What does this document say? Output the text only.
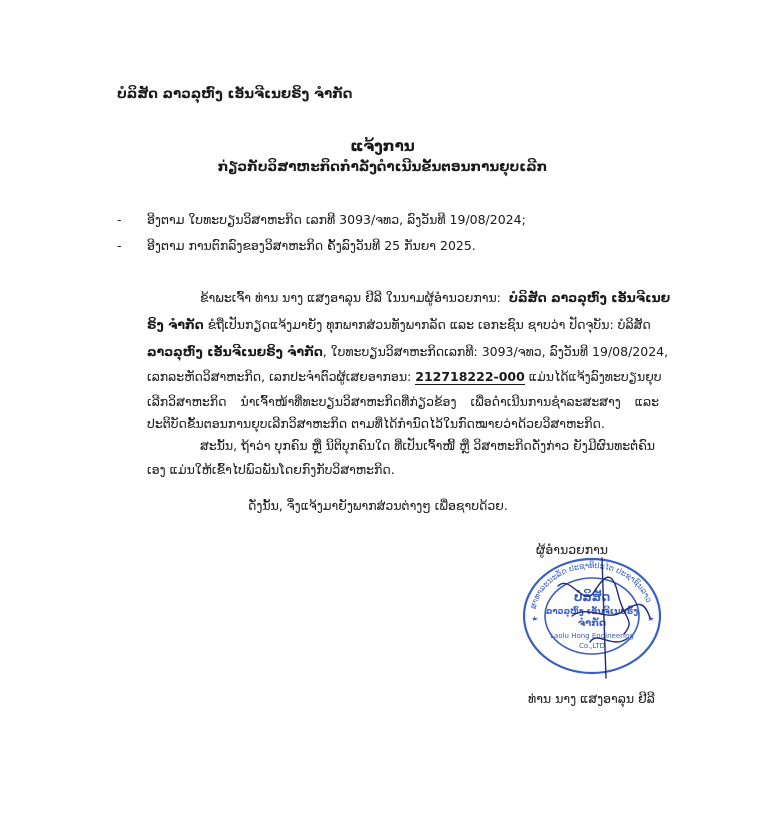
ບໍລິສັດ ລາວລຸຫົງ ເອັນຈີເນຍຣິງ ຈຳກັດ
ແຈ້ງການ
ກ່ຽວກັບວິສາຫະກິດກຳລັງດຳເນີນຂັ້ນຕອນການຍຸບເລີກ
- ອີງຕາມ ໃບທະບຽນວິສາຫະກິດ ເລກທີ 3093/ຈທວ, ລົງວັນທີ 19/08/2024;
- ອີງຕາມ ການຕົກລົງຂອງວິສາຫະກິດ ຄັ້ງລົງວັນທີ 25 ກັນຍາ 2025.
ຂ້າພະເຈົ້າ ທ່ານ ນາງ ແສງອາລຸນ ຢີລີ ໃນນາມຜູ້ອຳນວຍການ: ບໍລິສັດ ລາວລຸຫົງ ເອັນຈີເນຍ
ຣິງ ຈຳກັດ ຂໍຖືເປັນກຽດແຈ້ງມາຍັງ ທຸກພາກສ່ວນທັງພາກລັດ ແລະ ເອກະຊົນ ຊາບວ່າ ປັດຈຸບັນ: ບໍລິສັດ
ລາວລຸຫົງ ເອັນຈີເນຍຣິງ ຈຳກັດ, ໃບທະບຽນວິສາຫະກິດເລກທີ: 3093/ຈທວ, ລົງວັນທີ 19/08/2024,
ເລກລະຫັດວິສາຫະກິດ, ເລກປະຈຳຕົວຜູ້ເສຍອາກອນ: 212718222-000 ແມ່ນໄດ້ແຈ້ງລົງທະບຽນຍຸບ
ເລີກວິສາຫະກິດ ນຳເຈົ້າໜ້າທີ່ທະບຽນວິສາຫະກິດທີ່ກ່ຽວຂ້ອງ ເພື່ອດຳເນີນການຊຳລະສະສາງ ແລະ
ປະຕິບັດຂັ້ນຕອນການຍຸບເລີກວິສາຫະກິດ ຕາມທີ່ໄດ້ກຳນົດໄວ້ໃນກົດໝາຍວ່າດ້ວຍວິສາຫະກິດ.
ສະນັ້ນ, ຖ້າວ່າ ບຸກຄົນ ຫຼື ນິຕິບຸກຄົນໃດ ທີ່ເປັນເຈົ້າໜີ້ ຫຼື ວິສາຫະກິດດັ່ງກ່າວ ຍັງມີຜົນທະຕໍ່ຄົນ
ເອງ ແມ່ນໃຫ້ເຂົ້າໄປພົວພັນໂດຍກົງກັບວິສາຫະກິດ.
ດັ່ງນັ້ນ, ຈຶ່ງແຈ້ງມາຍັງພາກສ່ວນຕ່າງໆ ເພື່ອຊາບດ້ວຍ.
ຜູ້ອຳນວຍການ
ສາທາລະນະລັດ ປະຊາທິປະໄຕ ປະຊາຊົນລາວ
ບໍລິສັດ
ລາວລຸຫົງ ເອັນຈີເນຍຣິງ
ຈຳກັດ
Laolu Hong Engineering
Co.,LTD
ທ່ານ ນາງ ແສງອາລຸນ ຢີລີ
